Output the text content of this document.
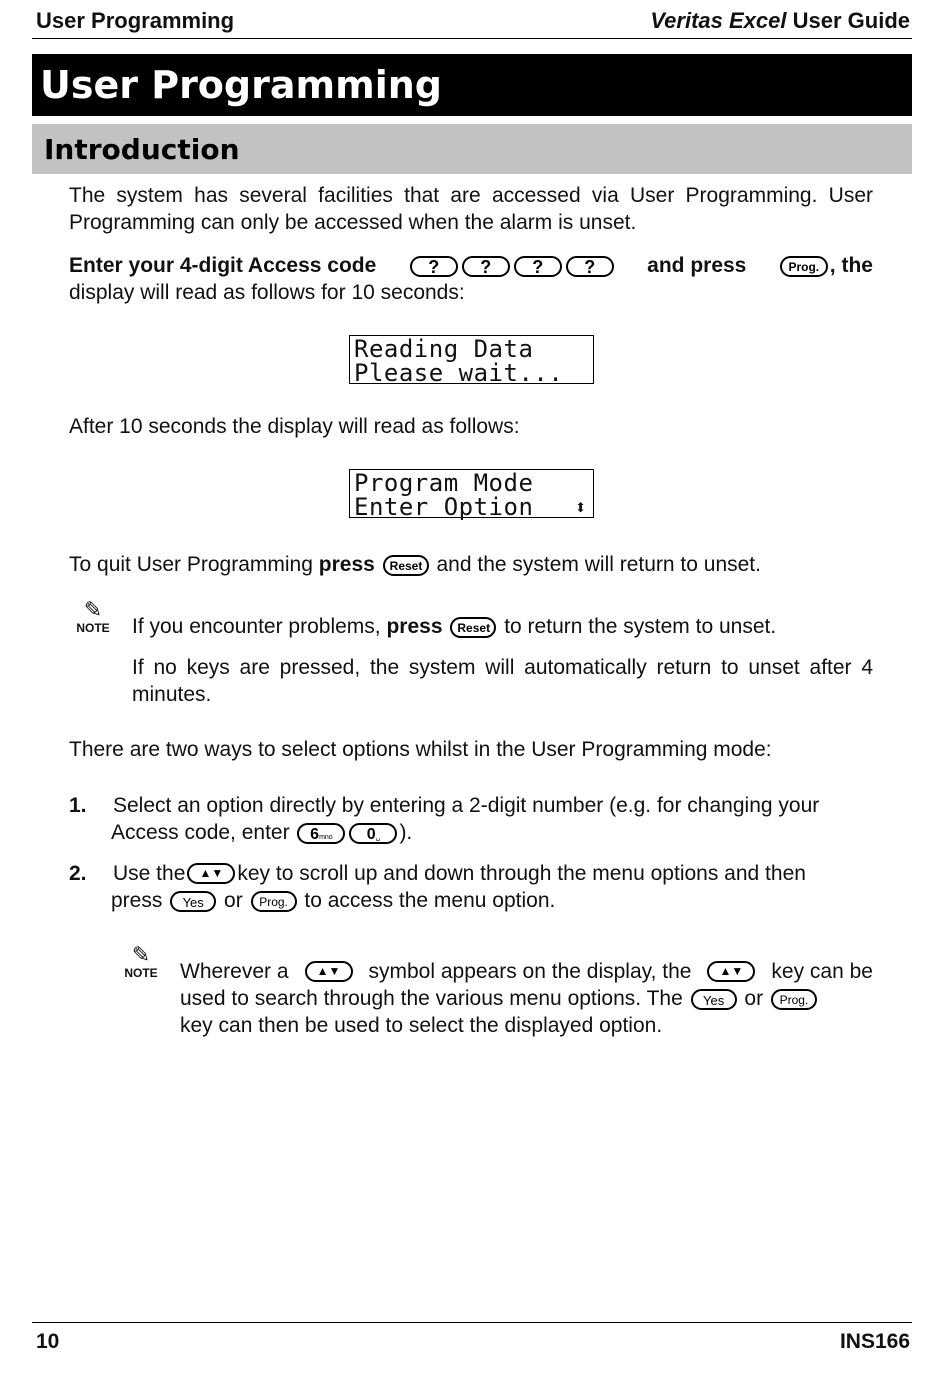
User Programming	Veritas Excel User Guide
User Programming
Introduction
The system has several facilities that are accessed via User Programming. User Programming can only be accessed when the alarm is unset.
Enter your 4-digit Access code	? ? ? ?	and press	Prog. , the
display will read as follows for 10 seconds:
Reading Data
Please wait...
After 10 seconds the display will read as follows:
Program Mode
Enter Option ⬍
To quit User Programming press Reset and the system will return to unset.
✎
NOTE If you encounter problems, press Reset to return the system to unset.
If no keys are pressed, the system will automatically return to unset after 4 minutes.
There are two ways to select options whilst in the User Programming mode:
1.	Select an option directly by entering a 2-digit number (e.g. for changing your
Access code, enter 6mno 0␣ ).
2.	Use the	▲▼ key to scroll up and down through the menu options and then
press Yes or Prog. to access the menu option.
✎
NOTE Wherever a	▲▼	symbol appears on the display, the	▲▼	key can be
used to search through the various menu options. The Yes or Prog.
key can then be used to select the displayed option.
10	INS166
